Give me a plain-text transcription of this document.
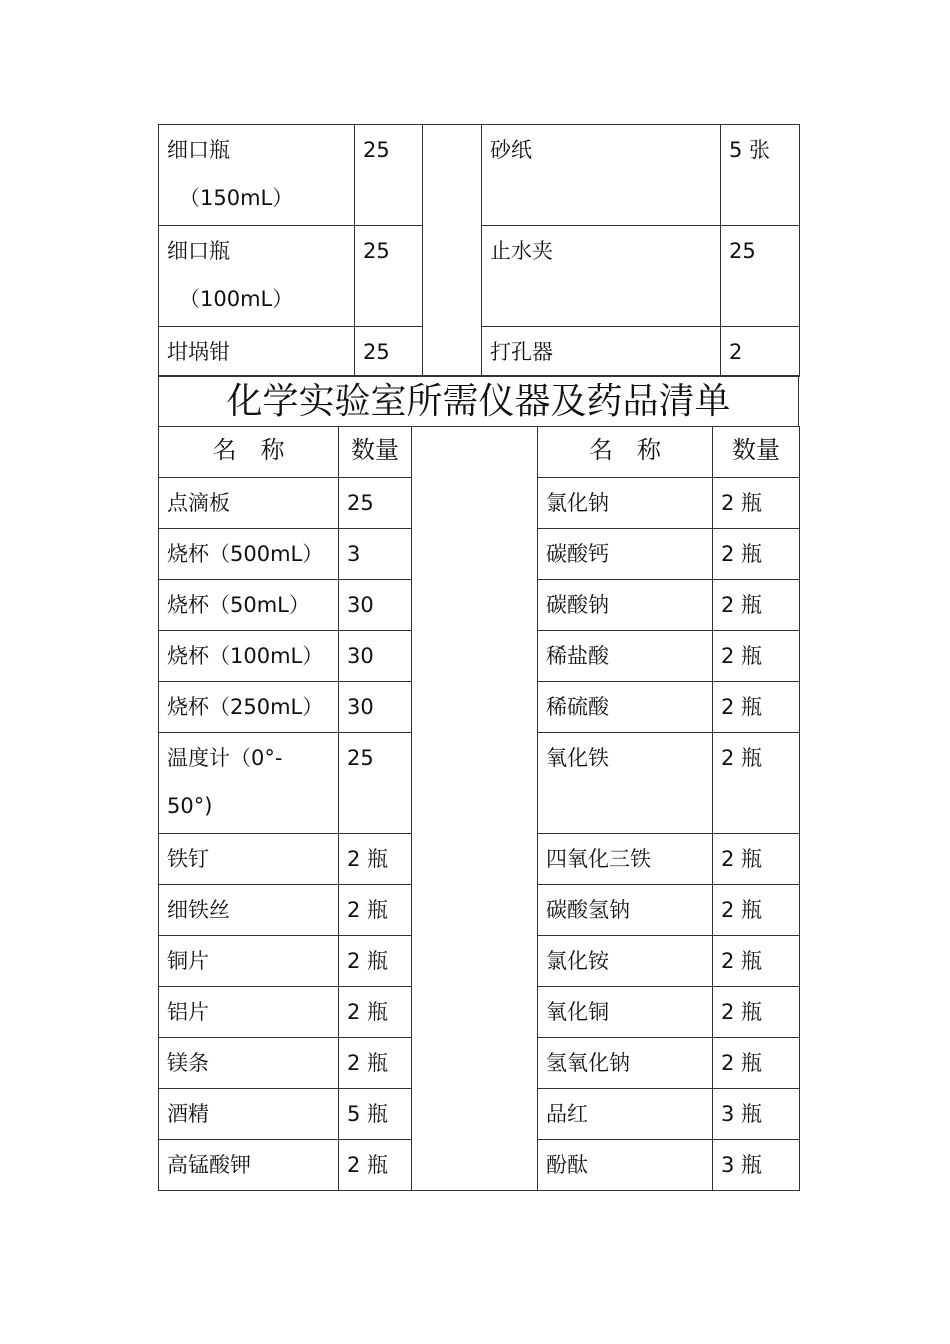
细口瓶
（150mL）	25		砂纸	5 张
细口瓶
（100mL）	25		止水夹	25
坩埚钳	25		打孔器	2
化学实验室所需仪器及药品清单
名　称	数量		名　称	数量

点滴板	25		氯化钠	2 瓶

烧杯（500mL）	3		碳酸钙	2 瓶

烧杯（50mL）	30		碳酸钠	2 瓶

烧杯（100mL）	30		稀盐酸	2 瓶

烧杯（250mL）	30		稀硫酸	2 瓶

温度计（0°-
50°)	25		氧化铁	2 瓶

铁钉	2 瓶		四氧化三铁	2 瓶

细铁丝	2 瓶		碳酸氢钠	2 瓶

铜片	2 瓶		氯化铵	2 瓶

铝片	2 瓶		氧化铜	2 瓶

镁条	2 瓶		氢氧化钠	2 瓶

酒精	5 瓶		品红	3 瓶

高锰酸钾	2 瓶		酚酞	3 瓶
